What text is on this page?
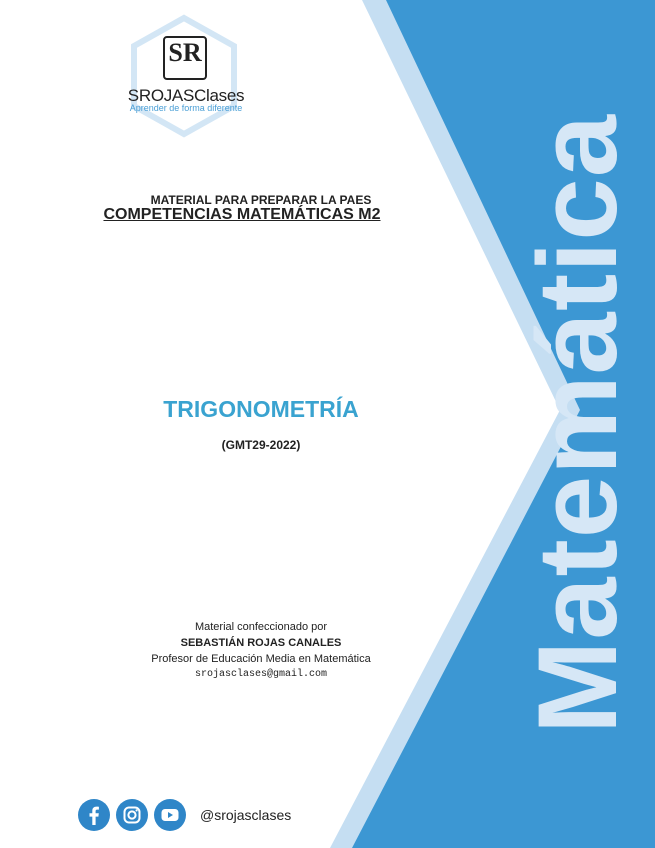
Matemática
SR
SROJASClases
Aprender de forma diferente
MATERIAL PARA PREPARAR LA PAES
COMPETENCIAS MATEMÁTICAS M2
TRIGONOMETRÍA
(GMT29-2022)
Material confeccionado por
SEBASTIÁN ROJAS CANALES
Profesor de Educación Media en Matemática
srojasclases@gmail.com
@srojasclases
